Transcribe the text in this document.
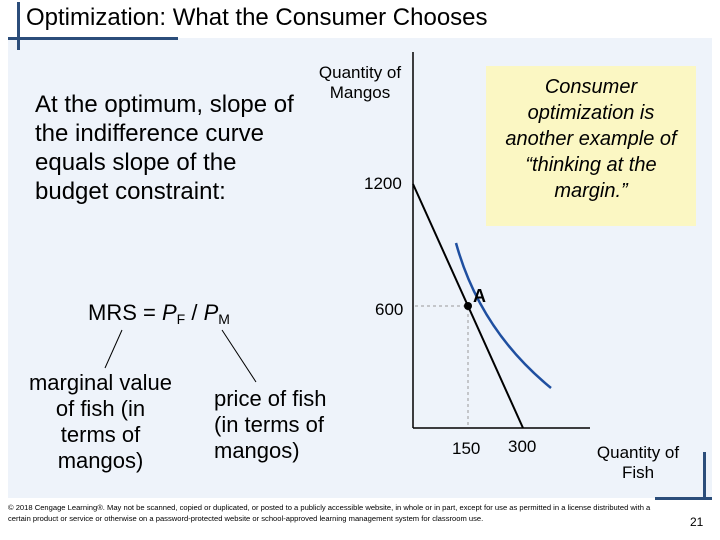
Optimization: What the Consumer Chooses
At the optimum, slope of the indifference curve equals slope of the budget constraint:
MRS = $P_F / P_M$
marginal value of fish (in terms of mangos)
price of fish (in terms of mangos)
Consumer optimization is another example of “thinking at the margin.”
Quantity of Mangos
Quantity of Fish
1200
600
150 300
A
© 2018 Cengage Learning®. May not be scanned, copied or duplicated, or posted to a publicly accessible website, in whole or in part, except for use as permitted in a license distributed with a certain product or service or otherwise on a password-protected website or school-approved learning management system for classroom use.	21
